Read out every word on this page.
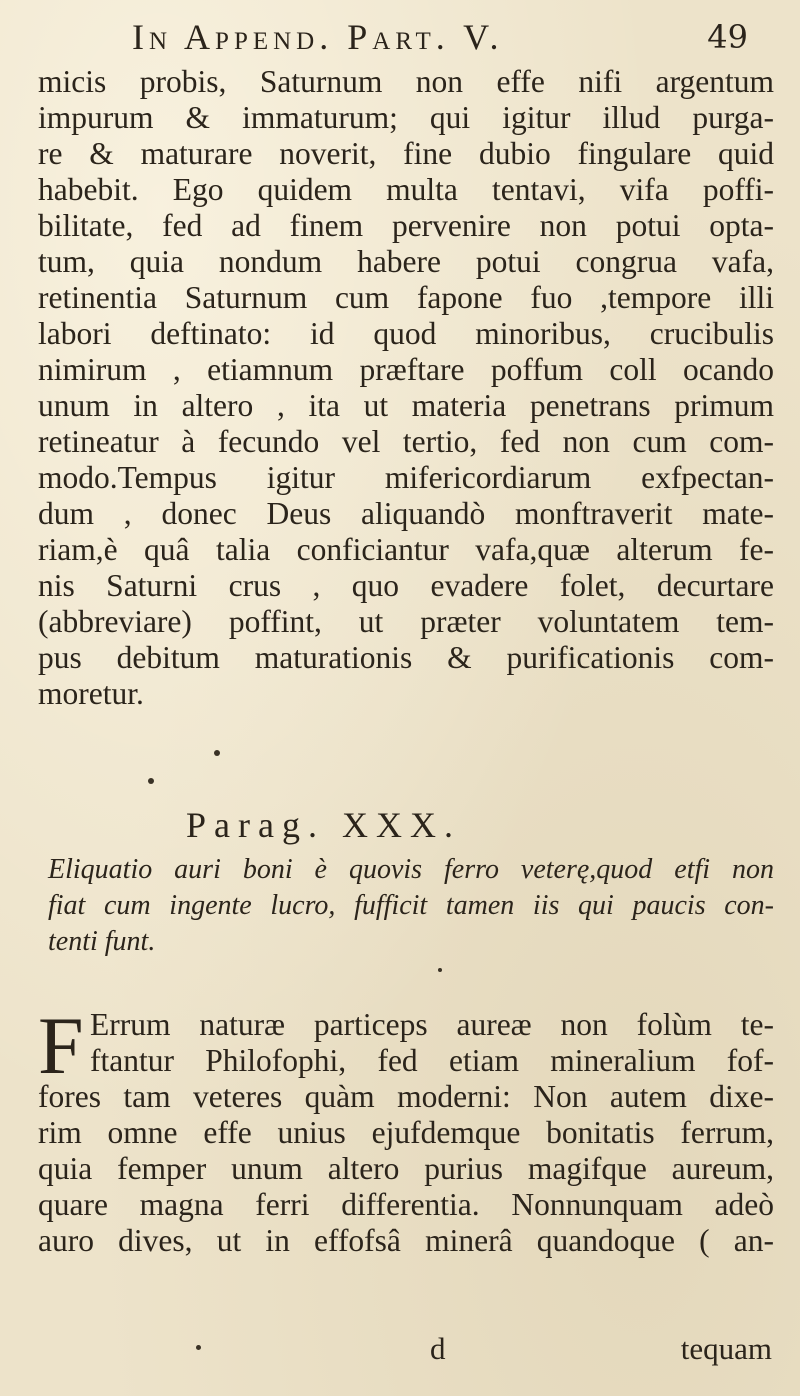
In Append. Part. V.	49
micis probis, Saturnum non effe nifi argentum
impurum & immaturum; qui igitur illud purga-
re & maturare noverit, fine dubio fingulare quid
habebit. Ego quidem multa tentavi, vifa poffi-
bilitate, fed ad finem pervenire non potui opta-
tum, quia nondum habere potui congrua vafa,
retinentia Saturnum cum fapone fuo ,tempore illi
labori deftinato: id quod minoribus, crucibulis
nimirum , etiamnum præftare poffum coll ocando
unum in altero , ita ut materia penetrans primum
retineatur à fecundo vel tertio, fed non cum com-
modo.Tempus igitur mifericordiarum exfpectan-
dum , donec Deus aliquandò monftraverit mate-
riam,è quâ talia conficiantur vafa,quæ alterum fe-
nis Saturni crus , quo evadere folet, decurtare
(abbreviare) poffint, ut præter voluntatem tem-
pus debitum maturationis & purificationis com-
moretur.
Parag. XXX.
Eliquatio auri boni è quovis ferro veterę,quod etfi non
fiat cum ingente lucro, fufficit tamen iis qui paucis con-
tenti funt.
F Errum naturæ particeps aureæ non folùm te-
ftantur Philofophi, fed etiam mineralium fof-
fores tam veteres quàm moderni: Non autem dixe-
rim omne effe unius ejufdemque bonitatis ferrum,
quia femper unum altero purius magifque aureum,
quare magna ferri differentia. Nonnunquam adeò
auro dives, ut in effofsâ minerâ quandoque ( an-
d	tequam
